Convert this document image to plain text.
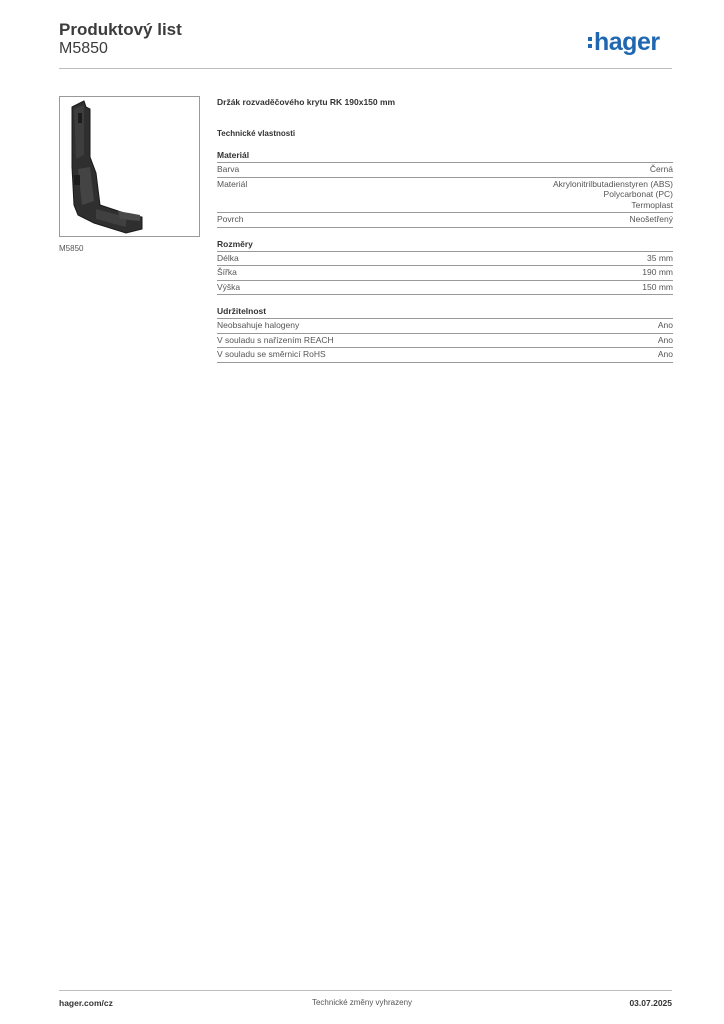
Produktový list
M5850	hager
M5850
Držák rozvaděčového krytu RK 190x150 mm
Technické vlastnosti
Materiál
Barva	Černá
Materiál	Akrylonitrilbutadienstyren (ABS)
Polycarbonat (PC)
Termoplast
Povrch	Neošetřený
Rozměry
Délka	35 mm
Šířka	190 mm
Výška	150 mm
Udržitelnost
Neobsahuje halogeny	Ano
V souladu s nařízením REACH	Ano
V souladu se směrnicí RoHS	Ano
hager.com/cz	Technické změny vyhrazeny	03.07.2025
